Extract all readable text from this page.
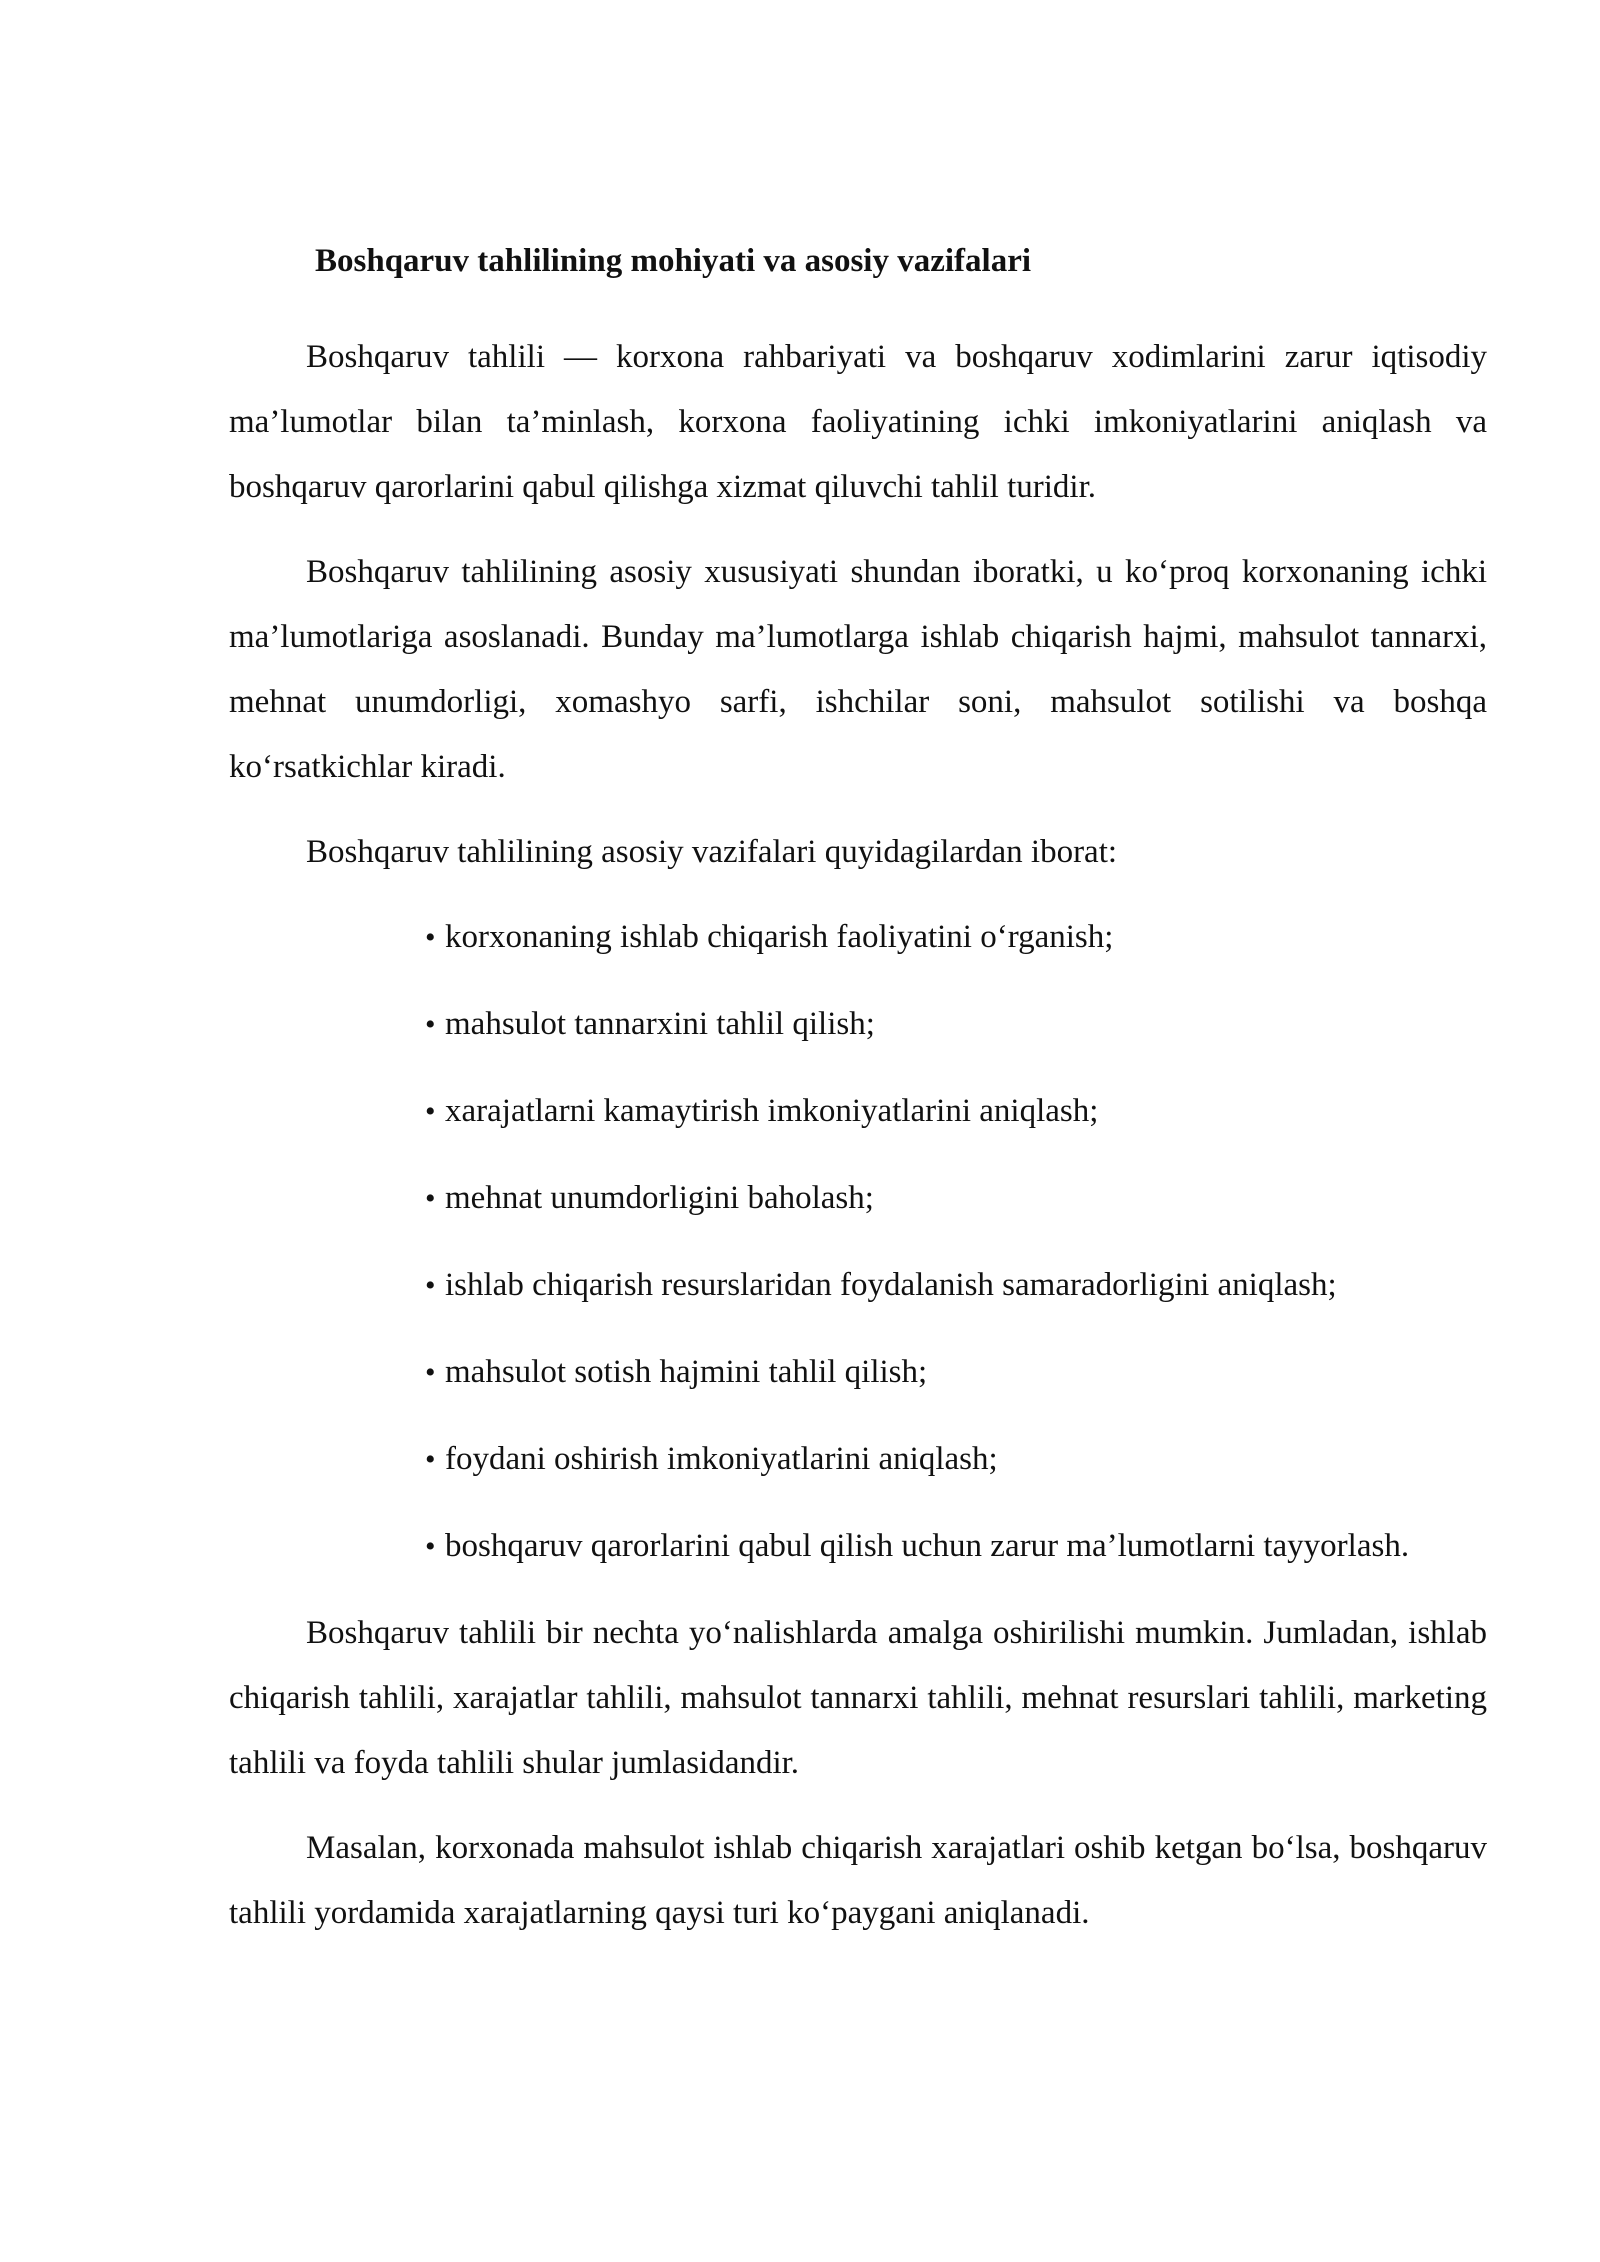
Boshqaruv tahlilining mohiyati va asosiy vazifalari

Boshqaruv tahlili — korxona rahbariyati va boshqaruv xodimlarini zarur iqtisodiy ma’lumotlar bilan ta’minlash, korxona faoliyatining ichki imkoniyatlarini aniqlash va boshqaruv qarorlarini qabul qilishga xizmat qiluvchi tahlil turidir.

Boshqaruv tahlilining asosiy xususiyati shundan iboratki, u ko‘proq korxonaning ichki ma’lumotlariga asoslanadi. Bunday ma’lumotlarga ishlab chiqarish hajmi, mahsulot tannarxi, mehnat unumdorligi, xomashyo sarfi, ishchilar soni, mahsulot sotilishi va boshqa ko‘rsatkichlar kiradi.

Boshqaruv tahlilining asosiy vazifalari quyidagilardan iborat:

• korxonaning ishlab chiqarish faoliyatini o‘rganish;
• mahsulot tannarxini tahlil qilish;
• xarajatlarni kamaytirish imkoniyatlarini aniqlash;
• mehnat unumdorligini baholash;
• ishlab chiqarish resurslaridan foydalanish samaradorligini aniqlash;
• mahsulot sotish hajmini tahlil qilish;
• foydani oshirish imkoniyatlarini aniqlash;
• boshqaruv qarorlarini qabul qilish uchun zarur ma’lumotlarni tayyorlash.

Boshqaruv tahlili bir nechta yo‘nalishlarda amalga oshirilishi mumkin. Jumladan, ishlab chiqarish tahlili, xarajatlar tahlili, mahsulot tannarxi tahlili, mehnat resurslari tahlili, marketing tahlili va foyda tahlili shular jumlasidandir.

Masalan, korxonada mahsulot ishlab chiqarish xarajatlari oshib ketgan bo‘lsa, boshqaruv tahlili yordamida xarajatlarning qaysi turi ko‘paygani aniqlanadi.
